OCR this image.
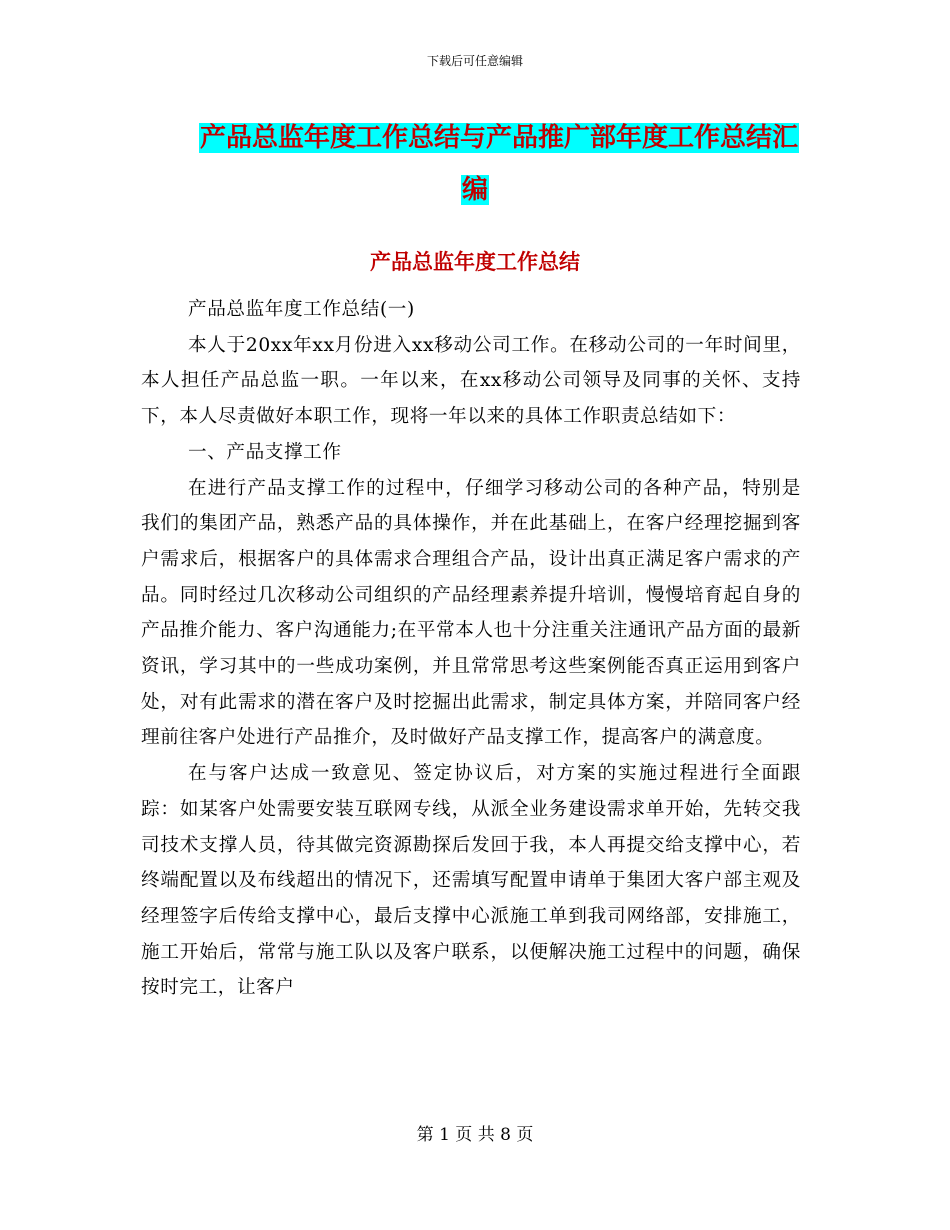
下载后可任意编辑
产品总监年度工作总结与产品推广部年度工作总结汇
编
产品总监年度工作总结

产品总监年度工作总结(一)

本人于20xx年xx月份进入xx移动公司工作。在移动公司的一年时间里，本人担任产品总监一职。一年以来，在xx移动公司领导及同事的关怀、支持下，本人尽责做好本职工作，现将一年以来的具体工作职责总结如下：

一、产品支撑工作

在进行产品支撑工作的过程中，仔细学习移动公司的各种产品，特别是我们的集团产品，熟悉产品的具体操作，并在此基础上，在客户经理挖掘到客户需求后，根据客户的具体需求合理组合产品，设计出真正满足客户需求的产品。同时经过几次移动公司组织的产品经理素养提升培训，慢慢培育起自身的产品推介能力、客户沟通能力;在平常本人也十分注重关注通讯产品方面的最新资讯，学习其中的一些成功案例，并且常常思考这些案例能否真正运用到客户处，对有此需求的潜在客户及时挖掘出此需求，制定具体方案，并陪同客户经理前往客户处进行产品推介，及时做好产品支撑工作，提高客户的满意度。

在与客户达成一致意见、签定协议后，对方案的实施过程进行全面跟踪：如某客户处需要安装互联网专线，从派全业务建设需求单开始，先转交我司技术支撑人员，待其做完资源勘探后发回于我，本人再提交给支撑中心，若终端配置以及布线超出的情况下，还需填写配置申请单于集团大客户部主观及经理签字后传给支撑中心，最后支撑中心派施工单到我司网络部，安排施工，施工开始后，常常与施工队以及客户联系，以便解决施工过程中的问题，确保按时完工，让客户

第 1 页 共 8 页
